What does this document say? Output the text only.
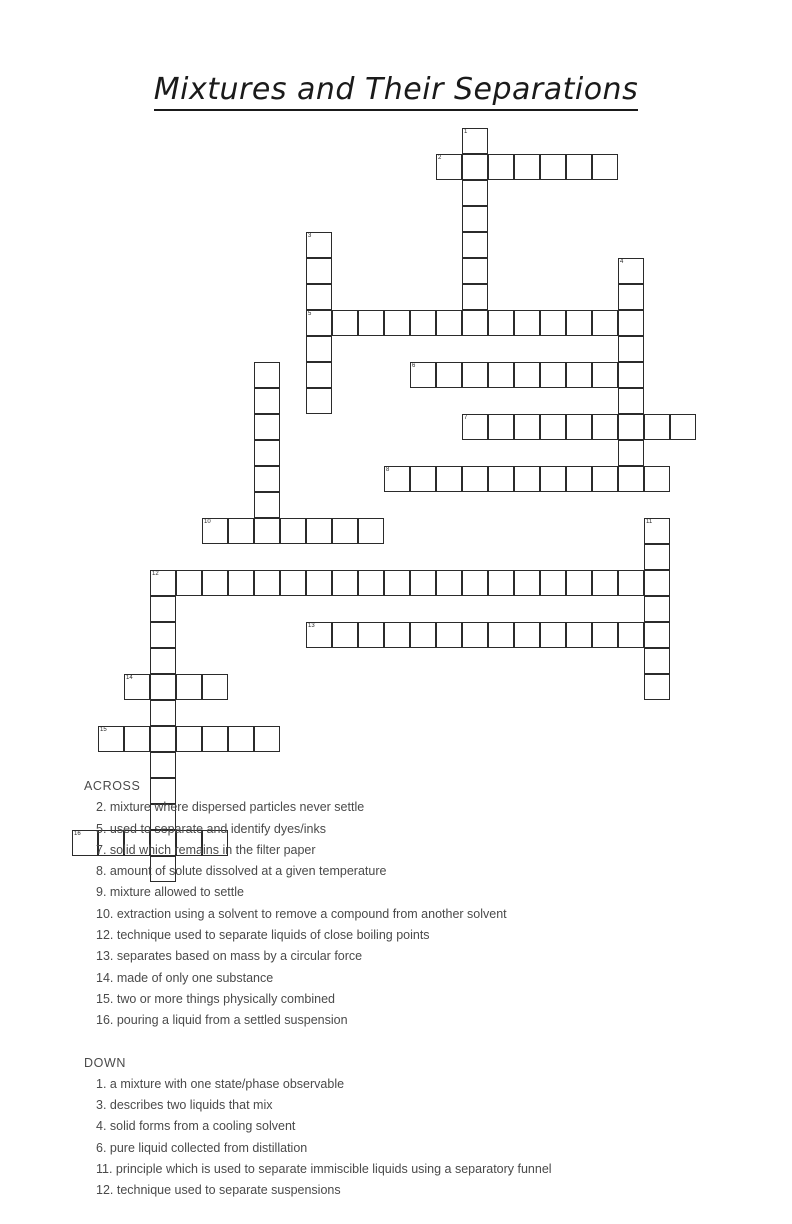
Mixtures and Their Separations
1
2
3
5
4
6
7
8
10	11
12
13
14
15
16
ACROSS
2. mixture where dispersed particles never settle
5. used to separate and identify dyes/inks
7. solid which remains in the filter paper
8. amount of solute dissolved at a given temperature
9. mixture allowed to settle
10. extraction using a solvent to remove a compound from another solvent
12. technique used to separate liquids of close boiling points
13. separates based on mass by a circular force
14. made of only one substance
15. two or more things physically combined
16. pouring a liquid from a settled suspension
DOWN
1. a mixture with one state/phase observable
3. describes two liquids that mix
4. solid forms from a cooling solvent
6. pure liquid collected from distillation
11. principle which is used to separate immiscible liquids using a separatory funnel
12. technique used to separate suspensions
